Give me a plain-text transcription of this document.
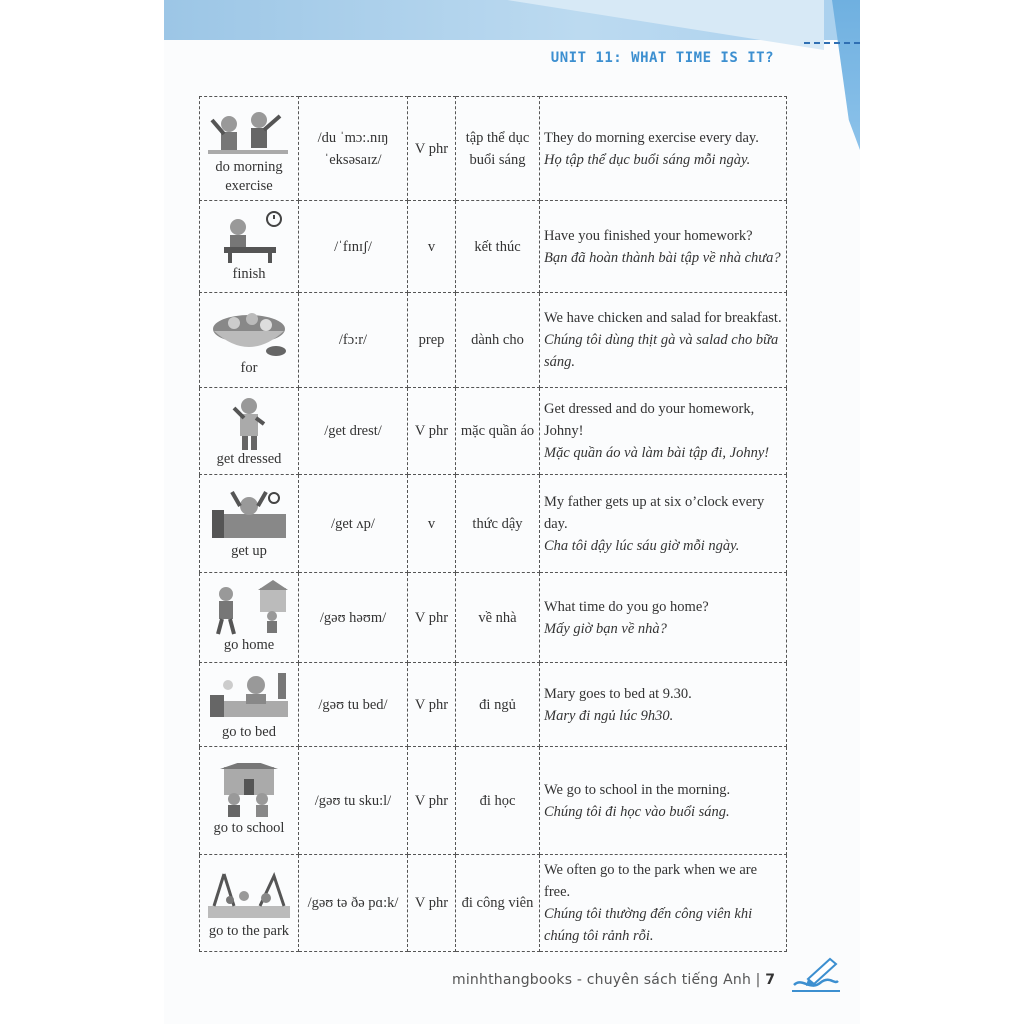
UNIT 11: WHAT TIME IS IT?
do morning exercise	/du ˈmɔ:.nɪŋ ˈeksəsaɪz/	V phr	tập thể dục buổi sáng	They do morning exercise every day.
Họ tập thể dục buổi sáng mỗi ngày.

finish	/ˈfɪnɪʃ/	v	kết thúc	Have you finished your homework?
Bạn đã hoàn thành bài tập về nhà chưa?

for	/fɔ:r/	prep	dành cho	We have chicken and salad for breakfast.
Chúng tôi dùng thịt gà và salad cho bữa sáng.

get dressed	/get drest/	V phr	mặc quần áo	Get dressed and do your homework, Johny!
Mặc quần áo và làm bài tập đi, Johny!

get up	/get ʌp/	v	thức dậy	My father gets up at six o’clock every day.
Cha tôi dậy lúc sáu giờ mỗi ngày.

go home	/gəʊ həʊm/	V phr	về nhà	What time do you go home?
Mấy giờ bạn về nhà?

go to bed	/gəʊ tu bed/	V phr	đi ngủ	Mary goes to bed at 9.30.
Mary đi ngủ lúc 9h30.

go to school	/gəʊ tu sku:l/	V phr	đi học	We go to school in the morning.
Chúng tôi đi học vào buổi sáng.

go to the park	/gəʊ tə ðə pɑ:k/	V phr	đi công viên	We often go to the park when we are free.
Chúng tôi thường đến công viên khi chúng tôi rảnh rỗi.
minhthangbooks - chuyên sách tiếng Anh | 7
